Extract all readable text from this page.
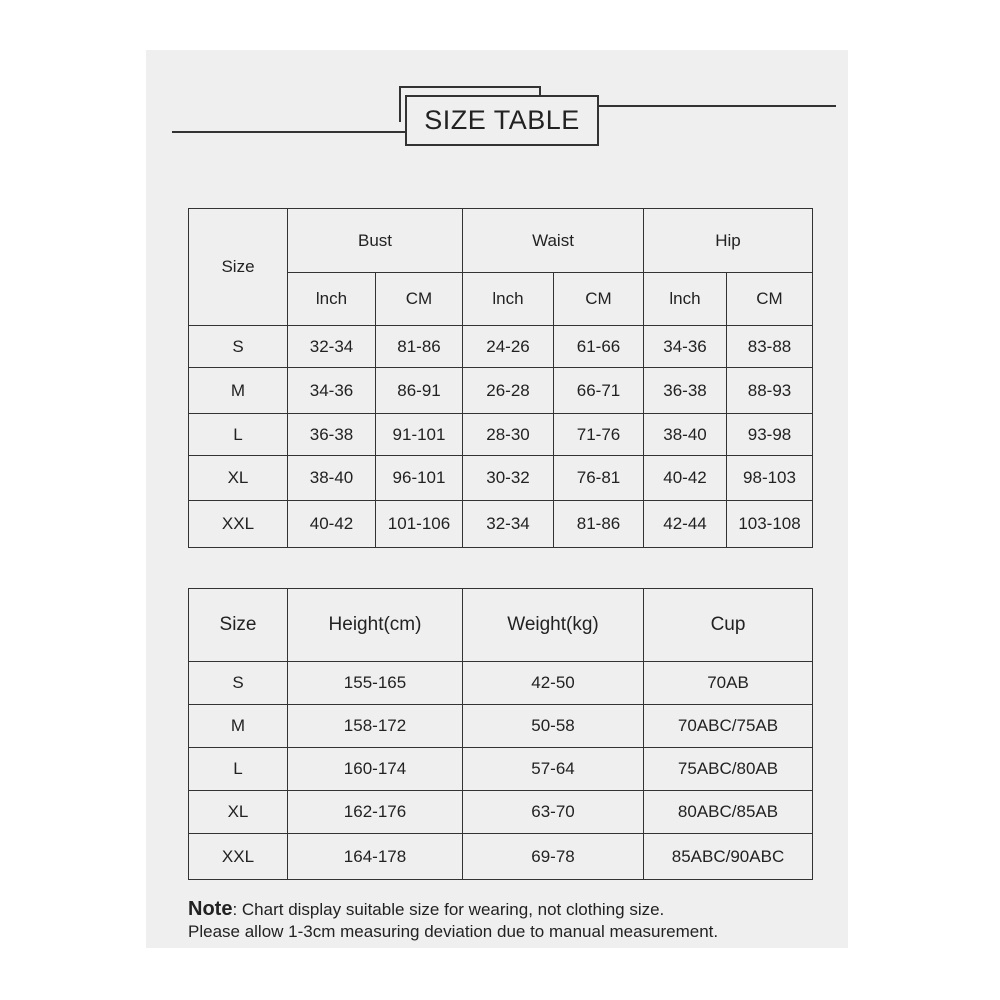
SIZE TABLE
Size	Bust		Waist		Hip	
	lnch	CM	lnch	CM	lnch	CM
S	32-34	81-86	24-26	61-66	34-36	83-88
M	34-36	86-91	26-28	66-71	36-38	88-93
L	36-38	91-101	28-30	71-76	38-40	93-98
XL	38-40	96-101	30-32	76-81	40-42	98-103
XXL	40-42	101-106	32-34	81-86	42-44	103-108
Size	Height(cm)	Weight(kg)	Cup
S	155-165	42-50	70AB
M	158-172	50-58	70ABC/75AB
L	160-174	57-64	75ABC/80AB
XL	162-176	63-70	80ABC/85AB
XXL	164-178	69-78	85ABC/90ABC
Note: Chart display suitable size for wearing, not clothing size.
Please allow 1-3cm measuring deviation due to manual measurement.
